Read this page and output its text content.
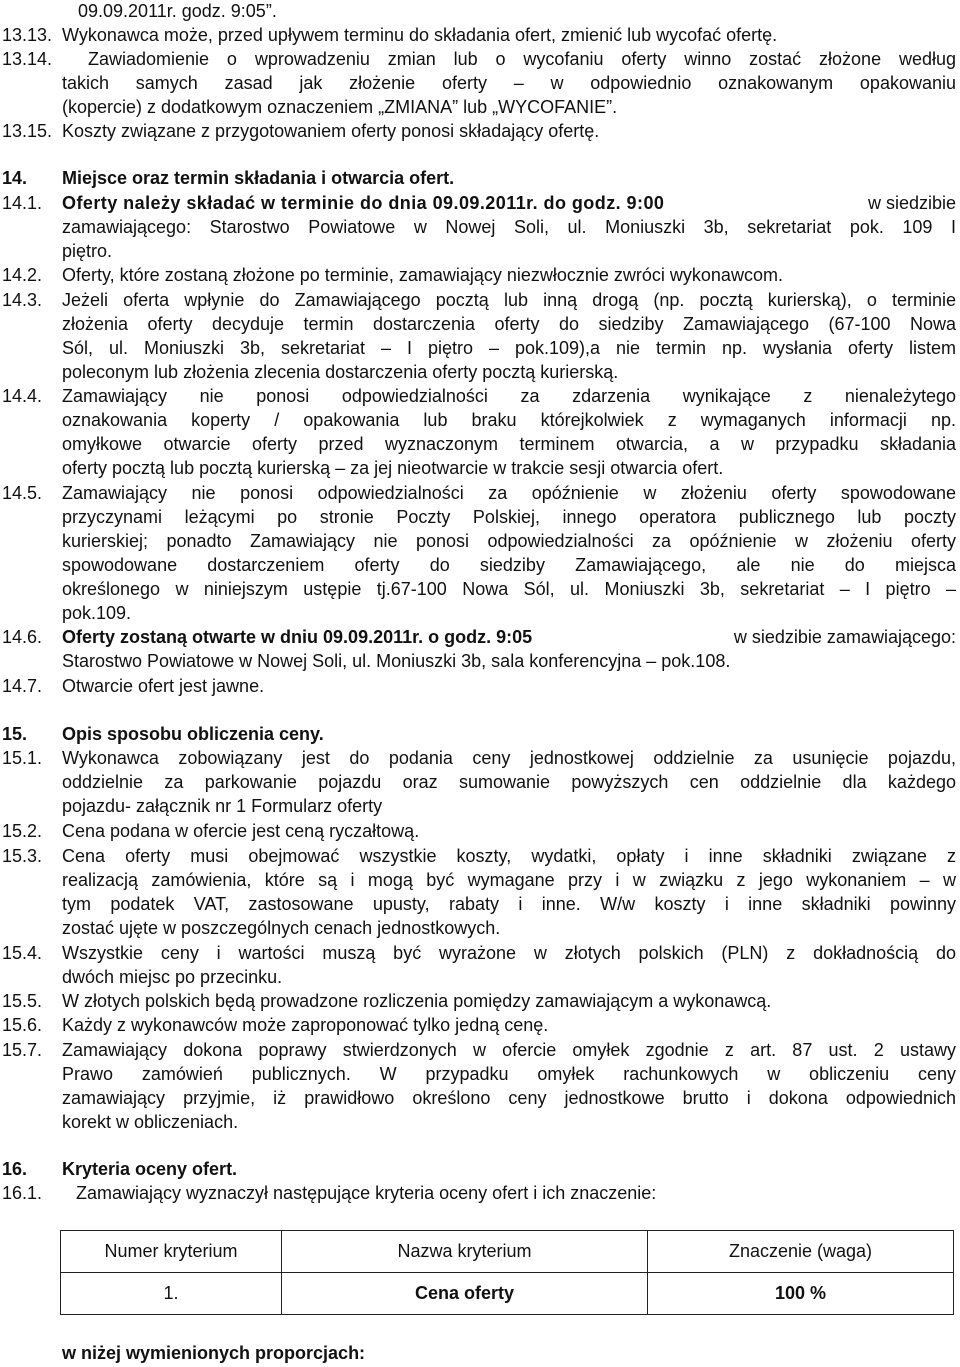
09.09.2011r. godz. 9:05”.
13.13. Wykonawca może, przed upływem terminu do składania ofert, zmienić lub wycofać ofertę.
13.14. Zawiadomienie o wprowadzeniu zmian lub o wycofaniu oferty winno zostać złożone według
takich samych zasad jak złożenie oferty – w odpowiednio oznakowanym opakowaniu
(kopercie) z dodatkowym oznaczeniem „ZMIANA” lub „WYCOFANIE”.
13.15. Koszty związane z przygotowaniem oferty ponosi składający ofertę.
14. Miejsce oraz termin składania i otwarcia ofert.
14.1. Oferty należy składać w terminie do dnia 09.09.2011r. do godz. 9:00	w siedzibie
zamawiającego: Starostwo Powiatowe w Nowej Soli, ul. Moniuszki 3b, sekretariat pok. 109 I
piętro.
14.2. Oferty, które zostaną złożone po terminie, zamawiający niezwłocznie zwróci wykonawcom.
14.3. Jeżeli oferta wpłynie do Zamawiającego pocztą lub inną drogą (np. pocztą kurierską), o terminie
złożenia oferty decyduje termin dostarczenia oferty do siedziby Zamawiającego (67-100 Nowa
Sól, ul. Moniuszki 3b, sekretariat – I piętro – pok.109),a nie termin np. wysłania oferty listem
poleconym lub złożenia zlecenia dostarczenia oferty pocztą kurierską.
14.4. Zamawiający nie ponosi odpowiedzialności za zdarzenia wynikające z nienależytego
oznakowania koperty / opakowania lub braku którejkolwiek z wymaganych informacji np.
omyłkowe otwarcie oferty przed wyznaczonym terminem otwarcia, a w przypadku składania
oferty pocztą lub pocztą kurierską – za jej nieotwarcie w trakcie sesji otwarcia ofert.
14.5. Zamawiający nie ponosi odpowiedzialności za opóźnienie w złożeniu oferty spowodowane
przyczynami leżącymi po stronie Poczty Polskiej, innego operatora publicznego lub poczty
kurierskiej; ponadto Zamawiający nie ponosi odpowiedzialności za opóźnienie w złożeniu oferty
spowodowane dostarczeniem oferty do siedziby Zamawiającego, ale nie do miejsca
określonego w niniejszym ustępie tj.67-100 Nowa Sól, ul. Moniuszki 3b, sekretariat – I piętro –
pok.109.
14.6. Oferty zostaną otwarte w dniu 09.09.2011r. o godz. 9:05	w siedzibie zamawiającego:
Starostwo Powiatowe w Nowej Soli, ul. Moniuszki 3b, sala konferencyjna – pok.108.
14.7. Otwarcie ofert jest jawne.
15. Opis sposobu obliczenia ceny.
15.1. Wykonawca zobowiązany jest do podania ceny jednostkowej oddzielnie za usunięcie pojazdu,
oddzielnie za parkowanie pojazdu oraz sumowanie powyższych cen oddzielnie dla każdego
pojazdu- załącznik nr 1 Formularz oferty
15.2. Cena podana w ofercie jest ceną ryczałtową.
15.3. Cena oferty musi obejmować wszystkie koszty, wydatki, opłaty i inne składniki związane z
realizacją zamówienia, które są i mogą być wymagane przy i w związku z jego wykonaniem – w
tym podatek VAT, zastosowane upusty, rabaty i inne. W/w koszty i inne składniki powinny
zostać ujęte w poszczególnych cenach jednostkowych.
15.4. Wszystkie ceny i wartości muszą być wyrażone w złotych polskich (PLN) z dokładnością do
dwóch miejsc po przecinku.
15.5. W złotych polskich będą prowadzone rozliczenia pomiędzy zamawiającym a wykonawcą.
15.6. Każdy z wykonawców może zaproponować tylko jedną cenę.
15.7. Zamawiający dokona poprawy stwierdzonych w ofercie omyłek zgodnie z art. 87 ust. 2 ustawy
Prawo zamówień publicznych. W przypadku omyłek rachunkowych w obliczeniu ceny
zamawiający przyjmie, iż prawidłowo określono ceny jednostkowe brutto i dokona odpowiednich
korekt w obliczeniach.
16. Kryteria oceny ofert.
16.1. Zamawiający wyznaczył następujące kryteria oceny ofert i ich znaczenie:
Numer kryterium	Nazwa kryterium	Znaczenie (waga)
1.	Cena oferty	100 %
w niżej wymienionych proporcjach:
